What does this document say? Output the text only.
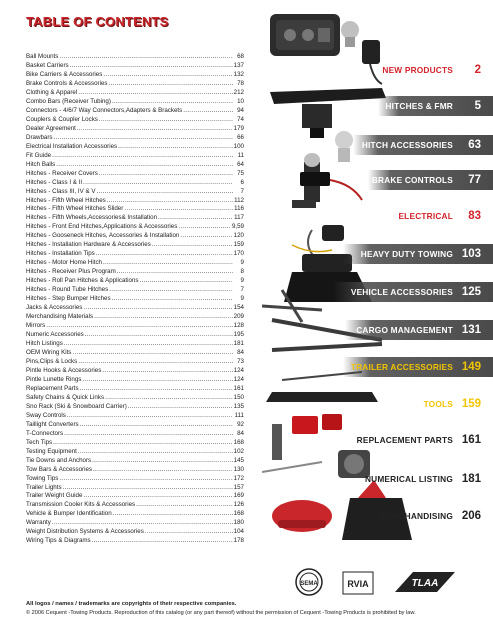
TABLE OF CONTENTS
Ball Mounts .....	68
Basket Carriers .....	137
Bike Carriers & Accessories .....	132
Brake Controls & Accessories .....	78
Clothing & Apparel .....	212
Combo Bars (Receiver Tubing) .....	10
Connectors - 4/6/7 Way Connectors,Adapters & Brackets .....	94
Couplers & Coupler Locks .....	74
Dealer Agreement .....	179
Drawbars .....	66
Electrical Installation Accessories .....	100
Fit Guide .....	11
Hitch Balls .....	64
Hitches - Receiver Covers .....	75
Hitches - Class I & II .....	6
Hitches - Class III, IV & V .....	7
Hitches - Fifth Wheel Hitches .....	112
Hitches - Fifth Wheel Hitches Slider .....	116
Hitches - Fifth Wheels,Accessories& Installation .....	117
Hitches - Front End Hitches,Applications & Accessories .....	9,59
Hitches - Gooseneck Hitches, Accessories & Installation .....	120
Hitches - Installation Hardware & Accessories .....	159
Hitches - Installation Tips .....	170
Hitches - Motor Home Hitch .....	9
Hitches - Receiver Plus Program .....	8
Hitches - Roll Pan Hitches & Applications .....	9
Hitches - Round Tube Hitches .....	7
Hitches - Step Bumper Hitches .....	9
Jacks & Accessories .....	154
Merchandising Materials .....	209
Mirrors .....	128
Numeric Accessories .....	195
Hitch Listings .....	181
OEM Wiring Kits .....	84
Pins,Clips & Locks .....	73
Pintle Hooks & Accessories .....	124
Pintle Lunette Rings .....	124
Replacement Parts .....	161
Safety Chains & Quick Links .....	150
Sno Rack (Ski & Snowboard Carrier) .....	135
Sway Controls .....	111
Taillight Converters .....	92
T-Connectors .....	84
Tech Tips .....	168
Testing Equipment .....	102
Tie Downs and Anchors .....	145
Tow Bars & Accessories .....	130
Towing Tips .....	172
Trailer Lights .....	157
Trailer Weight Guide .....	169
Transmission Cooler Kits & Accessories .....	126
Vehicle & Bumper Identification .....	168
Warranty .....	180
Weight Distribution Systems & Accessories .....	104
Wiring Tips & Diagrams .....	178
NEW PRODUCTS	2
HITCHES & FMR	5
HITCH ACCESSORIES	63
BRAKE CONTROLS	77
ELECTRICAL	83
HEAVY DUTY TOWING 103
VEHICLE ACCESSORIES 125
CARGO MANAGEMENT 131
TRAILER ACCESSORIES 149
TOOLS 159
REPLACEMENT PARTS 161
NUMERICAL LISTING 181
MERCHANDISING 206
SEMA	RVIA	TLAA
All logos / names / trademarks are copyrights of their respective companies.
© 2006 Cequent -Towing Products. Reproduction of this catalog (or any part thereof) without the permission of Cequent -Towing Products is prohibited by law.
